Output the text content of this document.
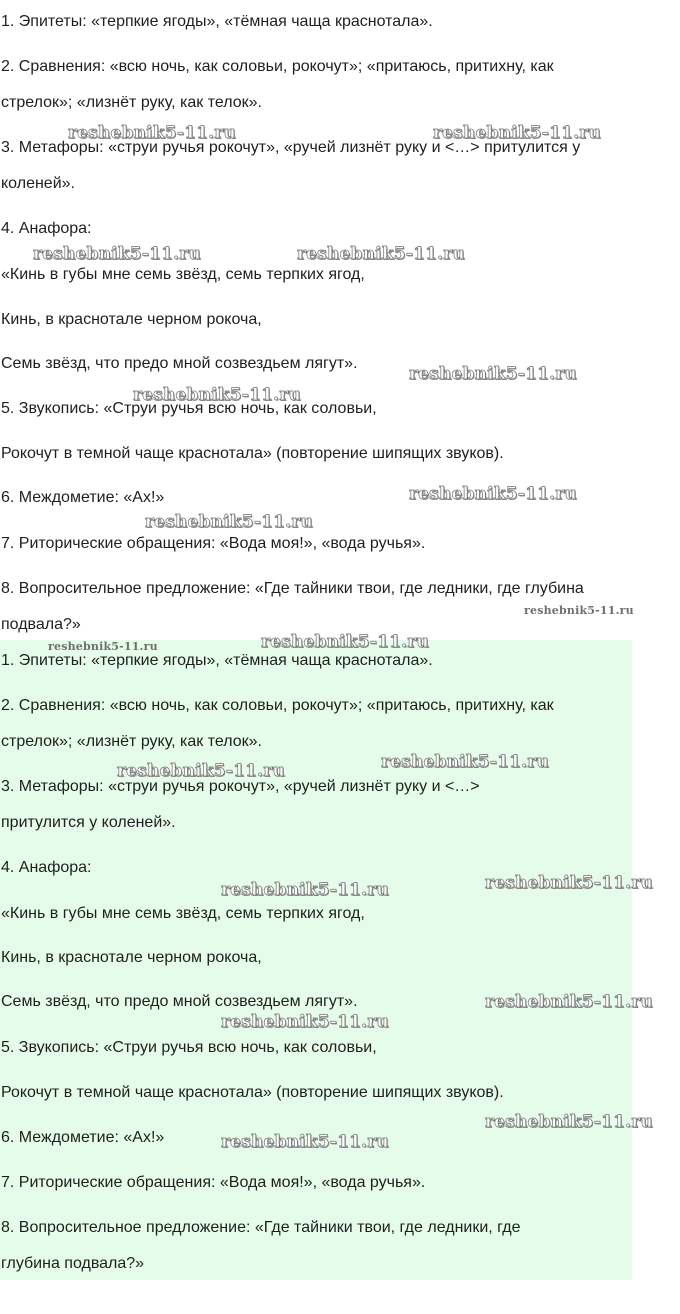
1. Эпитеты: «терпкие ягоды», «тёмная чаща краснотала».
2. Сравнения: «всю ночь, как соловьи, рокочут»; «притаюсь, притихну, как
стрелок»; «лизнёт руку, как телок».
3. Метафоры: «струи ручья рокочут», «ручей лизнёт руку и <…> притулится у
коленей».
4. Анафора:
«Кинь в губы мне семь звёзд, семь терпких ягод,
Кинь, в краснотале черном рокоча,
Семь звёзд, что предо мной созвездьем лягут».
5. Звукопись: «Струи ручья всю ночь, как соловьи,
Рокочут в темной чаще краснотала» (повторение шипящих звуков).
6. Междометие: «Ах!»
7. Риторические обращения: «Вода моя!», «вода ручья».
8. Вопросительное предложение: «Где тайники твои, где ледники, где глубина
подвала?»
1. Эпитеты: «терпкие ягоды», «тёмная чаща краснотала».
2. Сравнения: «всю ночь, как соловьи, рокочут»; «притаюсь, притихну, как
стрелок»; «лизнёт руку, как телок».
3. Метафоры: «струи ручья рокочут», «ручей лизнёт руку и <…>
притулится у коленей».
4. Анафора:
«Кинь в губы мне семь звёзд, семь терпких ягод,
Кинь, в краснотале черном рокоча,
Семь звёзд, что предо мной созвездьем лягут».
5. Звукопись: «Струи ручья всю ночь, как соловьи,
Рокочут в темной чаще краснотала» (повторение шипящих звуков).
6. Междометие: «Ах!»
7. Риторические обращения: «Вода моя!», «вода ручья».
8. Вопросительное предложение: «Где тайники твои, где ледники, где
глубина подвала?»
reshebnik5-11.ru	reshebnik5-11.ru
reshebnik5-11.ru	reshebnik5-11.ru
reshebnik5-11.ru
reshebnik5-11.ru
reshebnik5-11.ru
reshebnik5-11.ru
reshebnik5-11.ru
reshebnik5-11.ru	reshebnik5-11.ru
reshebnik5-11.ru
reshebnik5-11.ru
reshebnik5-11.ru
reshebnik5-11.ru
reshebnik5-11.ru
reshebnik5-11.ru
reshebnik5-11.ru
reshebnik5-11.ru
